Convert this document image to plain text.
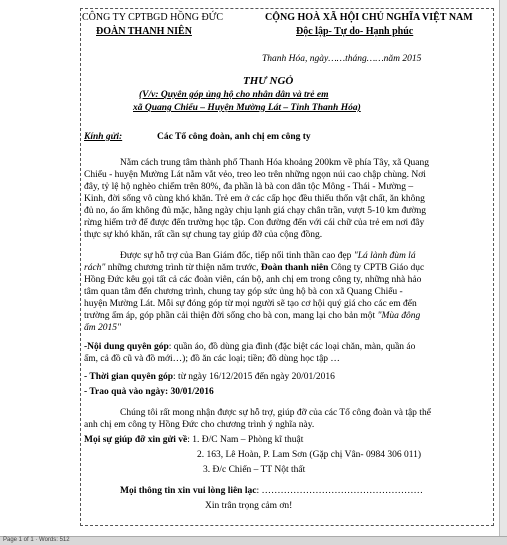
CÔNG TY CPTBGD HỒNG ĐỨC	CỘNG HOÀ XÃ HỘI CHỦ NGHĨA VIỆT NAM
ĐOÀN THANH NIÊN	Độc lập- Tự do- Hạnh phúc
Thanh Hóa, ngày……tháng……năm 2015
THƯ NGỎ
(V/v: Quyên góp ủng hộ cho nhân dân và trẻ em
xã Quang Chiểu – Huyện Mường Lát – Tỉnh Thanh Hóa)
Kính gửi:	Các Tổ công đoàn, anh chị em công ty
Nằm cách trung tâm thành phố Thanh Hóa khoảng 200km về phía Tây, xã Quang
Chiểu - huyện Mường Lát nằm vắt vẻo, treo leo trên những ngọn núi cao chập chùng. Nơi
đây, tỷ lệ hộ nghèo chiếm trên 80%, đa phần là bà con dân tộc Mông - Thái - Mường –
Kinh, đời sống vô cùng khó khăn. Trẻ em ở các cấp học đều thiếu thốn vật chất, ăn không
đủ no, áo ấm không đủ mặc, hằng ngày chịu lạnh giá chạy chân trần, vượt 5-10 km đường
rừng hiểm trở để được đến trường học tập. Con đường đến với cái chữ của trẻ em nơi đây
thực sự khó khăn, rất cần sự chung tay giúp đỡ của cộng đồng.
Được sự hỗ trợ của Ban Giám đốc, tiếp nối tinh thần cao đẹp "Lá lành đùm lá
rách" những chương trình từ thiện năm trước, Đoàn thanh niên Công ty CPTB Giáo dục
Hồng Đức kêu gọi tất cả các đoàn viên, cán bộ, anh chị em trong công ty, những nhà hảo
tâm quan tâm đến chương trình, chung tay góp sức ủng hộ bà con xã Quang Chiểu -
huyện Mường Lát. Mỗi sự đóng góp từ mọi người sẽ tạo cơ hội quý giá cho các em đến
trường ấm áp, góp phần cải thiện đời sống cho bà con, mang lại cho bản một "Mùa đông
ấm 2015"
-Nội dung quyên góp: quần áo, đồ dùng gia đình (đặc biệt các loại chăn, màn, quần áo
ấm, cả đồ cũ và đồ mới…); đồ ăn các loại; tiền; đồ dùng học tập …
- Thời gian quyên góp: từ ngày 16/12/2015 đến ngày 20/01/2016
- Trao quà vào ngày: 30/01/2016
Chúng tôi rất mong nhận được sự hỗ trợ, giúp đỡ của các Tổ công đoàn và tập thể
anh chị em công ty Hồng Đức cho chương trình ý nghĩa này.
Mọi sự giúp đỡ xin gửi về: 1. Đ/C Nam – Phòng kĩ thuật
2. 163, Lê Hoàn, P. Lam Sơn (Gặp chị Vân- 0984 306 011)
3. Đ/c Chiến – TT Nột thất
Mọi thông tin xin vui lòng liên lạc: ……………………………………………
Xin trân trọng cảm ơn!
Page 1 of 1 · Words: 512
